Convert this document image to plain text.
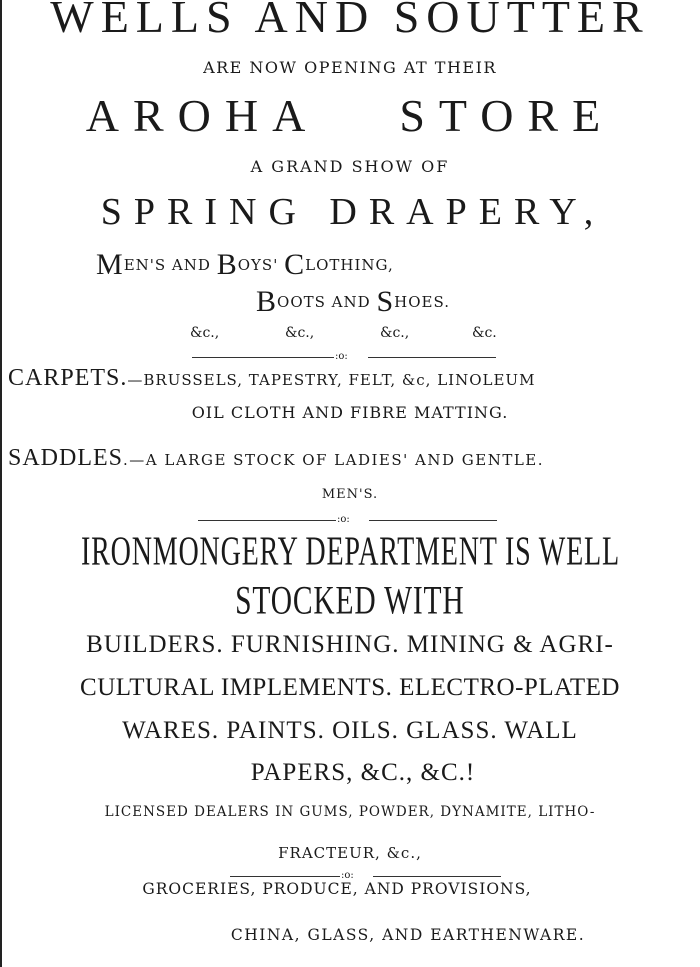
WELLS AND SOUTTER
ARE NOW OPENING AT THEIR
AROHA STORE
A GRAND SHOW OF
SPRING DRAPERY,
MEN'S AND BOYS' CLOTHING,
BOOTS AND SHOES.
&c.,	&c.,	&c.,	&c.
:o:
CARPETS.—BRUSSELS, TAPESTRY, FELT, &c, LINOLEUM
OIL CLOTH AND FIBRE MATTING.
SADDLES.—A LARGE STOCK OF LADIES' AND GENTLE.
MEN'S.
:o:
IRONMONGERY DEPARTMENT IS WELL
STOCKED WITH
BUILDERS. FURNISHING. MINING & AGRI-
CULTURAL IMPLEMENTS. ELECTRO-PLATED
WARES. PAINTS. OILS. GLASS. WALL
PAPERS, &C., &C.!
LICENSED DEALERS IN GUMS, POWDER, DYNAMITE, LITHO-
FRACTEUR, &c.,
:o:
GROCERIES, PRODUCE, AND PROVISIONS,
CHINA, GLASS, AND EARTHENWARE.
